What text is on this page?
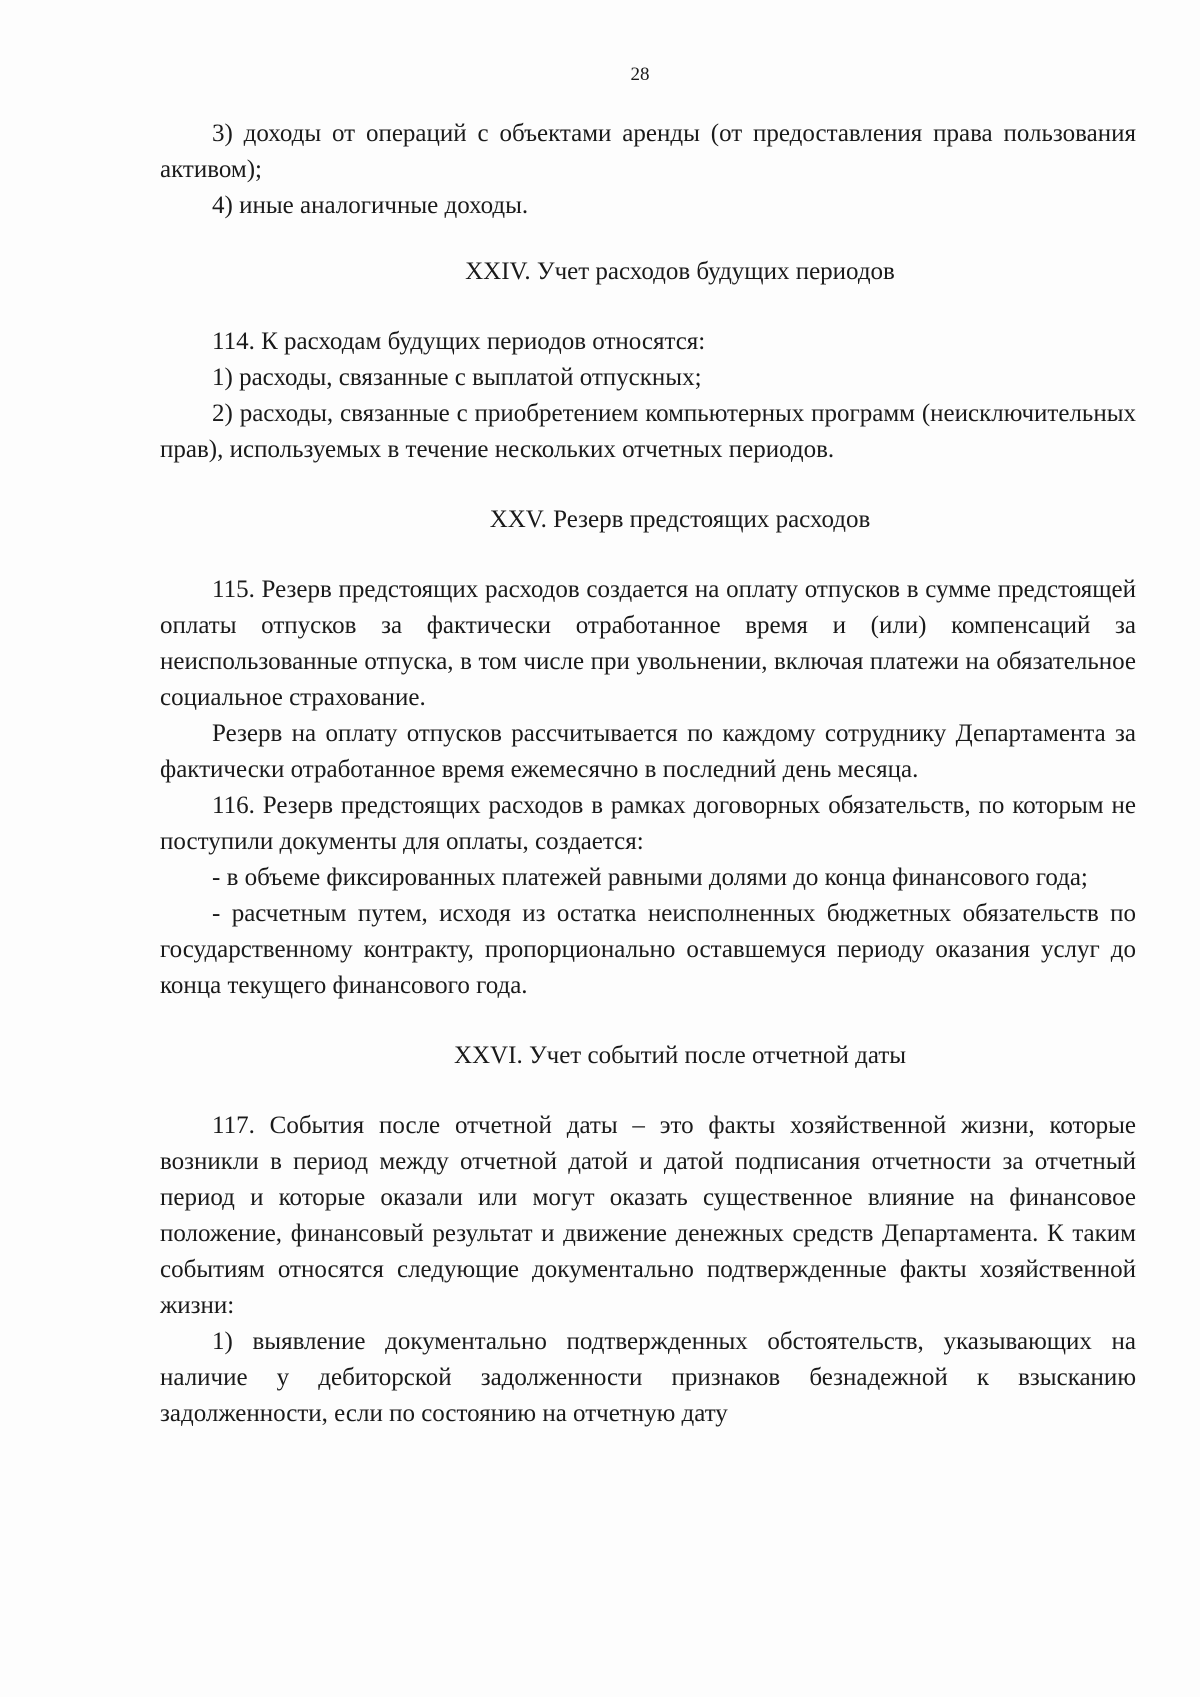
28

3) доходы от операций с объектами аренды (от предоставления права пользования активом);

4) иные аналогичные доходы.

XXIV. Учет расходов будущих периодов

114. К расходам будущих периодов относятся:

1) расходы, связанные с выплатой отпускных;

2) расходы, связанные с приобретением компьютерных программ (неисключительных прав), используемых в течение нескольких отчетных периодов.

XXV. Резерв предстоящих расходов

115. Резерв предстоящих расходов создается на оплату отпусков в сумме предстоящей оплаты отпусков за фактически отработанное время и (или) компенсаций за неиспользованные отпуска, в том числе при увольнении, включая платежи на обязательное социальное страхование.

Резерв на оплату отпусков рассчитывается по каждому сотруднику Департамента за фактически отработанное время ежемесячно в последний день месяца.

116. Резерв предстоящих расходов в рамках договорных обязательств, по которым не поступили документы для оплаты, создается:

- в объеме фиксированных платежей равными долями до конца финансового года;

- расчетным путем, исходя из остатка неисполненных бюджетных обязательств по государственному контракту, пропорционально оставшемуся периоду оказания услуг до конца текущего финансового года.

XXVI. Учет событий после отчетной даты

117. События после отчетной даты – это факты хозяйственной жизни, которые возникли в период между отчетной датой и датой подписания отчетности за отчетный период и которые оказали или могут оказать существенное влияние на финансовое положение, финансовый результат и движение денежных средств Департамента. К таким событиям относятся следующие документально подтвержденные факты хозяйственной жизни:

1) выявление документально подтвержденных обстоятельств, указывающих на наличие у дебиторской задолженности признаков безнадежной к взысканию задолженности, если по состоянию на отчетную дату
